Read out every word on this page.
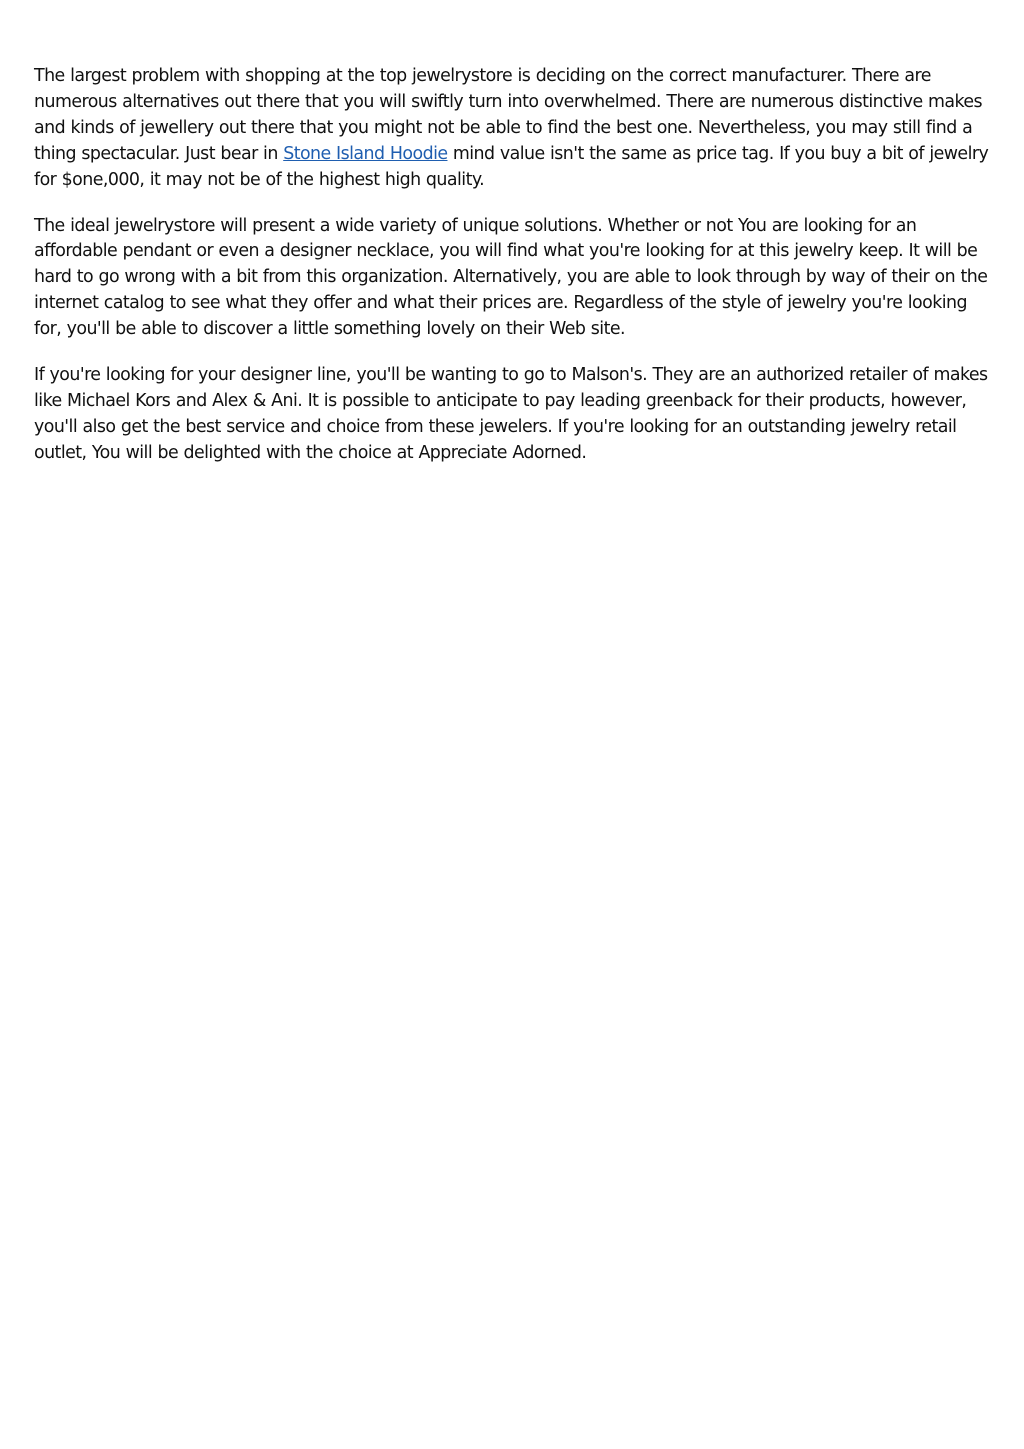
The largest problem with shopping at the top jewelrystore is deciding on the correct manufacturer. There are numerous alternatives out there that you will swiftly turn into overwhelmed. There are numerous distinctive makes and kinds of jewellery out there that you might not be able to find the best one. Nevertheless, you may still find a thing spectacular. Just bear in Stone Island Hoodie mind value isn't the same as price tag. If you buy a bit of jewelry for $one,000, it may not be of the highest high quality.

The ideal jewelrystore will present a wide variety of unique solutions. Whether or not You are looking for an affordable pendant or even a designer necklace, you will find what you're looking for at this jewelry keep. It will be hard to go wrong with a bit from this organization. Alternatively, you are able to look through by way of their on the internet catalog to see what they offer and what their prices are. Regardless of the style of jewelry you're looking for, you'll be able to discover a little something lovely on their Web site.

If you're looking for your designer line, you'll be wanting to go to Malson's. They are an authorized retailer of makes like Michael Kors and Alex & Ani. It is possible to anticipate to pay leading greenback for their products, however, you'll also get the best service and choice from these jewelers. If you're looking for an outstanding jewelry retail outlet, You will be delighted with the choice at Appreciate Adorned.
